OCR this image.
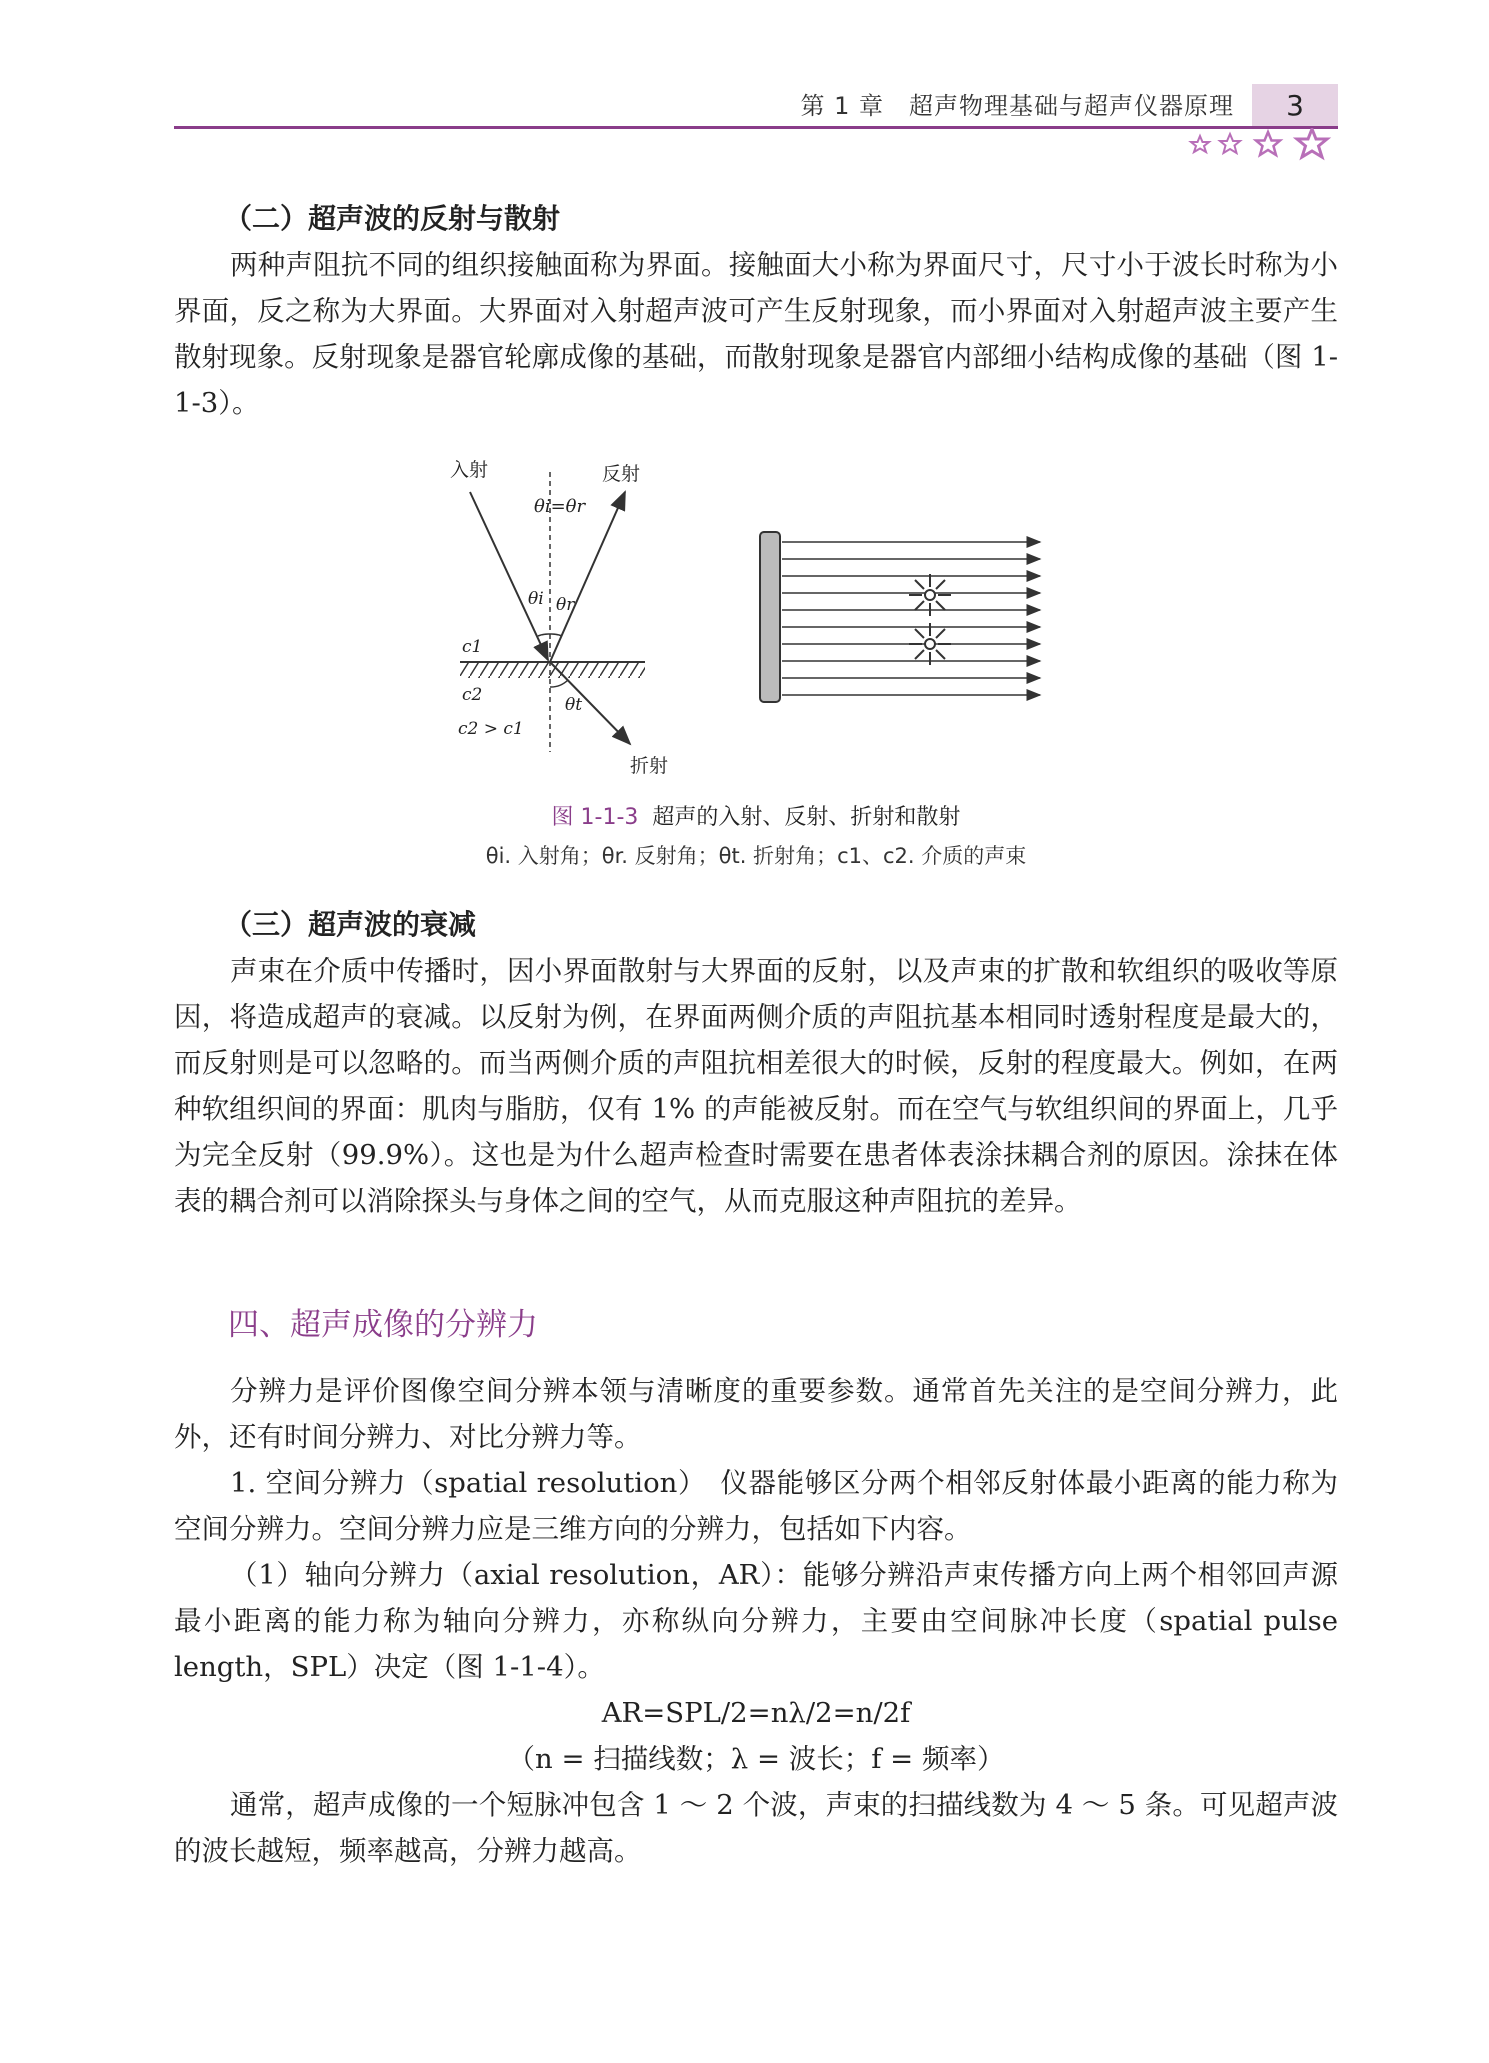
第 1 章　超声物理基础与超声仪器原理	3
（二）超声波的反射与散射
两种声阻抗不同的组织接触面称为界面。接触面大小称为界面尺寸，尺寸小于波长时称为小界面，反之称为大界面。大界面对入射超声波可产生反射现象，而小界面对入射超声波主要产生散射现象。反射现象是器官轮廓成像的基础，而散射现象是器官内部细小结构成像的基础（图 1-1-3）。
入射	反射
θi=θr
θi θr
θt
c1
c2
c2 > c1
折射
图 1-1-3 超声的入射、反射、折射和散射
θi. 入射角；θr. 反射角；θt. 折射角；c1、c2. 介质的声束
（三）超声波的衰减
声束在介质中传播时，因小界面散射与大界面的反射，以及声束的扩散和软组织的吸收等原因，将造成超声的衰减。以反射为例，在界面两侧介质的声阻抗基本相同时透射程度是最大的，而反射则是可以忽略的。而当两侧介质的声阻抗相差很大的时候，反射的程度最大。例如，在两种软组织间的界面：肌肉与脂肪，仅有 1% 的声能被反射。而在空气与软组织间的界面上，几乎为完全反射（99.9%）。这也是为什么超声检查时需要在患者体表涂抹耦合剂的原因。涂抹在体表的耦合剂可以消除探头与身体之间的空气，从而克服这种声阻抗的差异。
四、超声成像的分辨力
分辨力是评价图像空间分辨本领与清晰度的重要参数。通常首先关注的是空间分辨力，此外，还有时间分辨力、对比分辨力等。
1. 空间分辨力（spatial resolution）　仪器能够区分两个相邻反射体最小距离的能力称为空间分辨力。空间分辨力应是三维方向的分辨力，包括如下内容。
（1）轴向分辨力（axial resolution，AR）：能够分辨沿声束传播方向上两个相邻回声源最小距离的能力称为轴向分辨力，亦称纵向分辨力，主要由空间脉冲长度（spatial pulse length，SPL）决定（图 1-1-4）。
AR=SPL/2=nλ/2=n/2f
（n = 扫描线数；λ = 波长；f = 频率）
通常，超声成像的一个短脉冲包含 1 ～ 2 个波，声束的扫描线数为 4 ～ 5 条。可见超声波的波长越短，频率越高，分辨力越高。
